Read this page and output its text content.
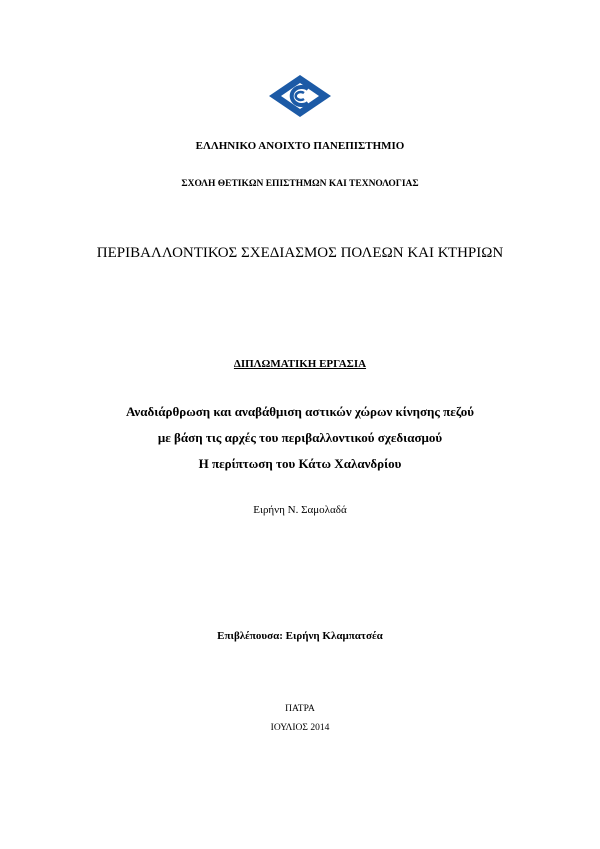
ΕΛΛΗΝΙΚΟ ΑΝΟΙΧΤΟ ΠΑΝΕΠΙΣΤΗΜΙΟ
ΣΧΟΛΗ ΘΕΤΙΚΩΝ ΕΠΙΣΤΗΜΩΝ ΚΑΙ ΤΕΧΝΟΛΟΓΙΑΣ
ΠΕΡΙΒΑΛΛΟΝΤΙΚΟΣ ΣΧΕΔΙΑΣΜΟΣ ΠΟΛΕΩΝ ΚΑΙ ΚΤΗΡΙΩΝ
ΔΙΠΛΩΜΑΤΙΚΗ ΕΡΓΑΣΙΑ
Αναδιάρθρωση και αναβάθμιση αστικών χώρων κίνησης πεζού
με βάση τις αρχές του περιβαλλοντικού σχεδιασμού
Η περίπτωση του Κάτω Χαλανδρίου
Ειρήνη Ν. Σαμολαδά
Επιβλέπουσα: Ειρήνη Κλαμπατσέα
ΠΑΤΡΑ
ΙΟΥΛΙΟΣ 2014
